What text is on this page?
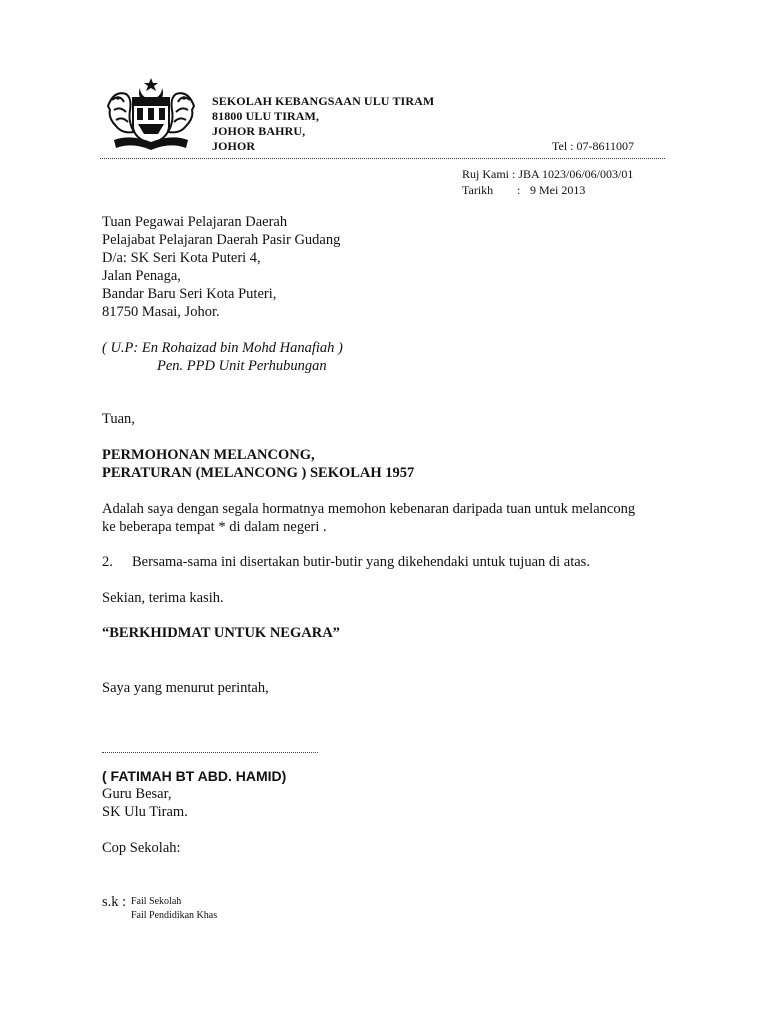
SEKOLAH KEBANGSAAN ULU TIRAM
81800 ULU TIRAM,
JOHOR BAHRU,
JOHOR	Tel : 07-8611007
Ruj Kami : JBA 1023/06/06/003/01
Tarikh : 9 Mei 2013
Tuan Pegawai Pelajaran Daerah
Pelajabat Pelajaran Daerah Pasir Gudang
D/a: SK Seri Kota Puteri 4,
Jalan Penaga,
Bandar Baru Seri Kota Puteri,
81750 Masai, Johor.
( U.P: En Rohaizad bin Mohd Hanafiah )
Pen. PPD Unit Perhubungan
Tuan,
PERMOHONAN MELANCONG,
PERATURAN (MELANCONG ) SEKOLAH 1957
Adalah saya dengan segala hormatnya memohon kebenaran daripada tuan untuk melancong
ke beberapa tempat * di dalam negeri .
2. Bersama-sama ini disertakan butir-butir yang dikehendaki untuk tujuan di atas.
Sekian, terima kasih.
“BERKHIDMAT UNTUK NEGARA”
Saya yang menurut perintah,
( FATIMAH BT ABD. HAMID)
Guru Besar,
SK Ulu Tiram.
Cop Sekolah:
s.k : Fail Sekolah
Fail Pendidikan Khas
